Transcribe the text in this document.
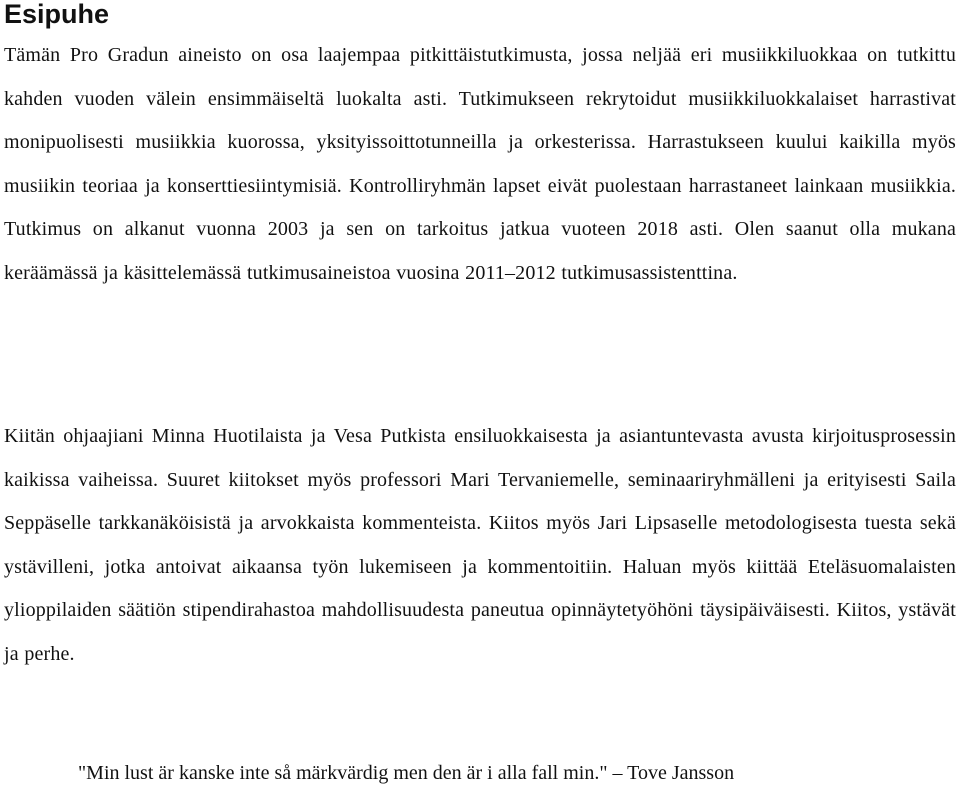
Esipuhe

Tämän Pro Gradun aineisto on osa laajempaa pitkittäistutkimusta, jossa neljää eri musiikkiluokkaa on tutkittu kahden vuoden välein ensimmäiseltä luokalta asti. Tutkimukseen rekrytoidut musiikkiluokkalaiset harrastivat monipuolisesti musiikkia kuorossa, yksityissoittotunneilla ja orkesterissa. Harrastukseen kuului kaikilla myös musiikin teoriaa ja konserttiesiintymisiä. Kontrolliryhmän lapset eivät puolestaan harrastaneet lainkaan musiikkia. Tutkimus on alkanut vuonna 2003 ja sen on tarkoitus jatkua vuoteen 2018 asti. Olen saanut olla mukana keräämässä ja käsittelemässä tutkimusaineistoa vuosina 2011–2012 tutkimusassistenttina.

Kiitän ohjaajiani Minna Huotilaista ja Vesa Putkista ensiluokkaisesta ja asiantuntevasta avusta kirjoitusprosessin kaikissa vaiheissa. Suuret kiitokset myös professori Mari Tervaniemelle, seminaariryhmälleni ja erityisesti Saila Seppäselle tarkkanäköisistä ja arvokkaista kommenteista. Kiitos myös Jari Lipsaselle metodologisesta tuesta sekä ystävilleni, jotka antoivat aikaansa työn lukemiseen ja kommentoitiin. Haluan myös kiittää Eteläsuomalaisten ylioppilaiden säätiön stipendirahastoa mahdollisuudesta paneutua opinnäytetyöhöni täysipäiväisesti. Kiitos, ystävät ja perhe.

"Min lust är kanske inte så märkvärdig men den är i alla fall min." – Tove Jansson
